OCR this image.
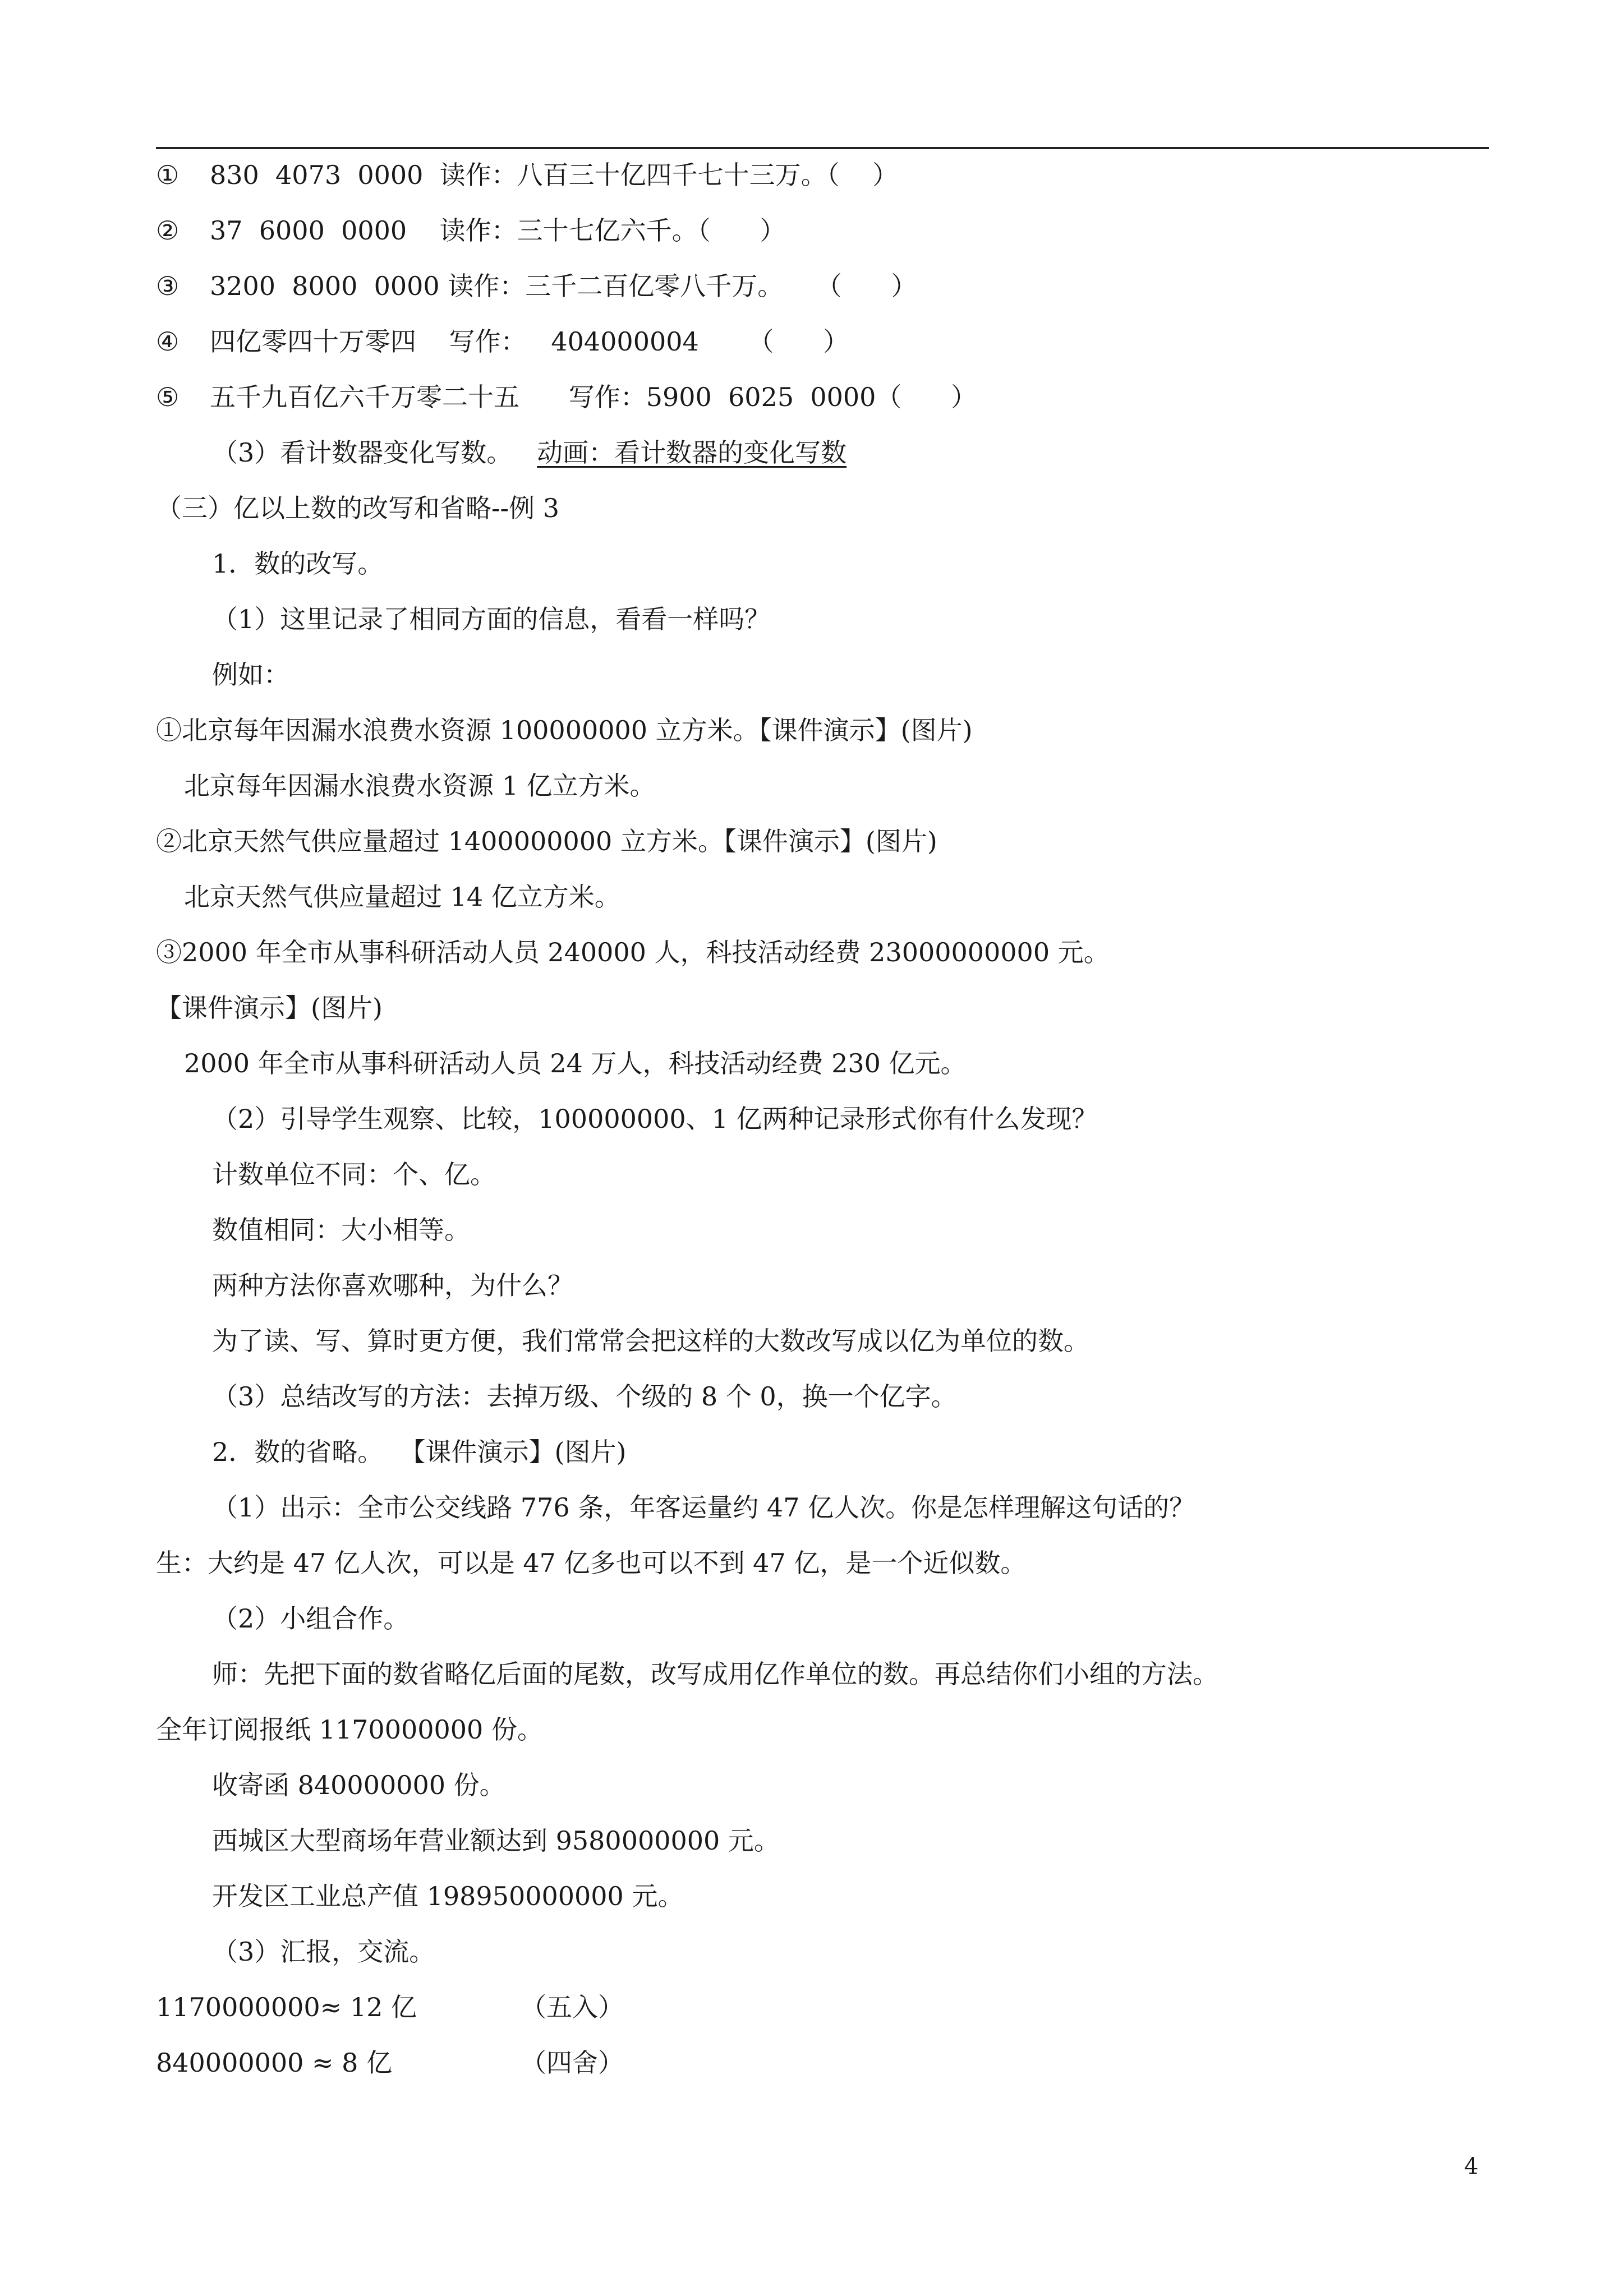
① 830  4073  0000  读作：八百三十亿四千七十三万。（    ）
② 37  6000  0000    读作：三十七亿六千。（      ）
③ 3200  8000  0000 读作：三千二百亿零八千万。    （      ）
④ 四亿零四十万零四    写作：   404000004      （      ）
⑤ 五千九百亿六千万零二十五      写作：5900  6025  0000（      ）
（3）看计数器变化写数。   动画：看计数器的变化写数
（三）亿以上数的改写和省略--例 3
1．数的改写。
（1）这里记录了相同方面的信息，看看一样吗？
例如：
①北京每年因漏水浪费水资源 100000000 立方米。【课件演示】(图片)
北京每年因漏水浪费水资源 1 亿立方米。
②北京天然气供应量超过 1400000000 立方米。【课件演示】(图片)
北京天然气供应量超过 14 亿立方米。
③2000 年全市从事科研活动人员 240000 人，科技活动经费 23000000000 元。
【课件演示】(图片)
2000 年全市从事科研活动人员 24 万人，科技活动经费 230 亿元。
（2）引导学生观察、比较，100000000、1 亿两种记录形式你有什么发现？
计数单位不同：个、亿。
数值相同：大小相等。
两种方法你喜欢哪种，为什么？
为了读、写、算时更方便，我们常常会把这样的大数改写成以亿为单位的数。
（3）总结改写的方法：去掉万级、个级的 8 个 0，换一个亿字。
2．数的省略。  【课件演示】(图片)
（1）出示：全市公交线路 776 条，年客运量约 47 亿人次。你是怎样理解这句话的？
生：大约是 47 亿人次，可以是 47 亿多也可以不到 47 亿，是一个近似数。
（2）小组合作。
师：先把下面的数省略亿后面的尾数，改写成用亿作单位的数。再总结你们小组的方法。
全年订阅报纸 1170000000 份。
收寄函 840000000 份。
西城区大型商场年营业额达到 9580000000 元。
开发区工业总产值 198950000000 元。
（3）汇报，交流。
1170000000≈ 12 亿	（五入）
840000000 ≈ 8 亿	（四舍）
4
